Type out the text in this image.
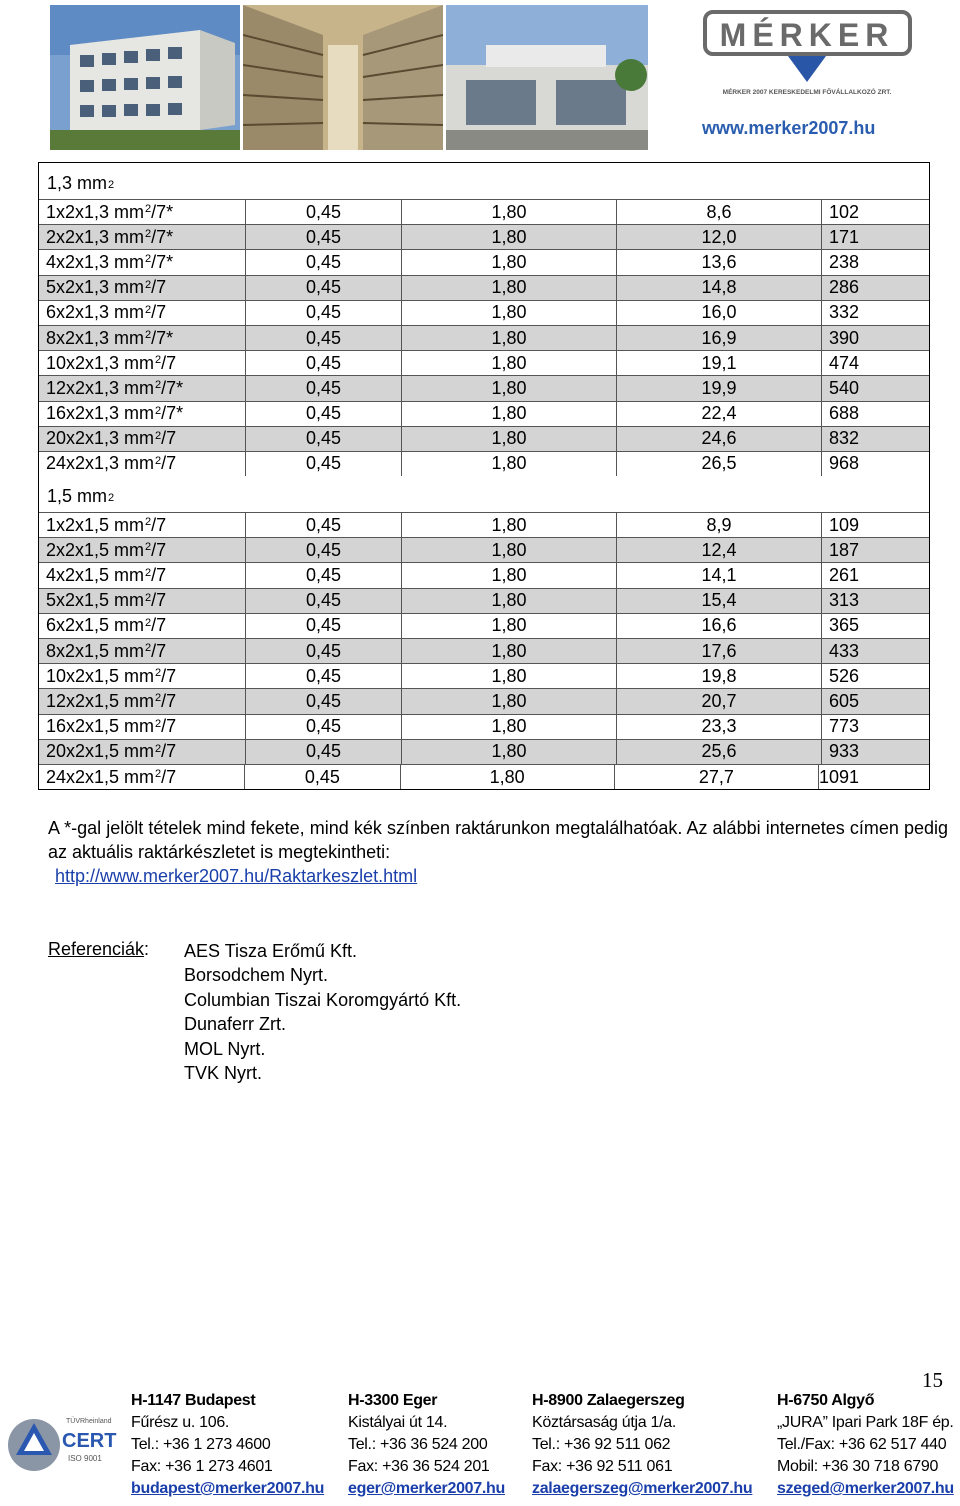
MÉRKER
MÉRKER 2007 KERESKEDELMI FŐVÁLLALKOZÓ ZRT.
www.merker2007.hu
1,3 $mm^2$
1x2x1,3 $mm^2$ /7*	0,45	1,80	8,6	102
2x2x1,3 $mm^2$ /7*	0,45	1,80	12,0	171
4x2x1,3 $mm^2$ /7*	0,45	1,80	13,6	238
5x2x1,3 $mm^2$ /7	0,45	1,80	14,8	286
6x2x1,3 $mm^2$ /7	0,45	1,80	16,0	332
8x2x1,3 $mm^2$ /7*	0,45	1,80	16,9	390
10x2x1,3 $mm^2$ /7	0,45	1,80	19,1	474
12x2x1,3 $mm^2$ /7*	0,45	1,80	19,9	540
16x2x1,3 $mm^2$ /7*	0,45	1,80	22,4	688
20x2x1,3 $mm^2$ /7	0,45	1,80	24,6	832
24x2x1,3 $mm^2$ /7	0,45	1,80	26,5	968
1,5 $mm^2$
1x2x1,5 $mm^2$ /7	0,45	1,80	8,9	109
2x2x1,5 $mm^2$ /7	0,45	1,80	12,4	187
4x2x1,5 $mm^2$ /7	0,45	1,80	14,1	261
5x2x1,5 $mm^2$ /7	0,45	1,80	15,4	313
6x2x1,5 $mm^2$ /7	0,45	1,80	16,6	365
8x2x1,5 $mm^2$ /7	0,45	1,80	17,6	433
10x2x1,5 $mm^2$ /7	0,45	1,80	19,8	526
12x2x1,5 $mm^2$ /7	0,45	1,80	20,7	605
16x2x1,5 $mm^2$ /7	0,45	1,80	23,3	773
20x2x1,5 $mm^2$ /7	0,45	1,80	25,6	933
24x2x1,5 $mm^2$ /7	0,45	1,80	27,7	1091
A *-gal jelölt tételek mind fekete, mind kék színben raktárunkon megtalálhatóak. Az alábbi internetes címen pedig az aktuális raktárkészletet is megtekintheti:
http://www.merker2007.hu/Raktarkeszlet.html
Referenciák: AES Tisza Erőmű Kft.
Borsodchem Nyrt.
Columbian Tiszai Koromgyártó Kft.
Dunaferr Zrt.
MOL Nyrt.
TVK Nyrt.
15
TÜVRheinland
CERT
ISO 9001
H-1147 Budapest
Fűrész u. 106.
Tel.: +36 1 273 4600
Fax: +36 1 273 4601
budapest@merker2007.hu
H-3300 Eger
Kistályai út 14.
Tel.: +36 36 524 200
Fax: +36 36 524 201
eger@merker2007.hu
H-8900 Zalaegerszeg
Köztársaság útja 1/a.
Tel.: +36 92 511 062
Fax: +36 92 511 061
zalaegerszeg@merker2007.hu
H-6750 Algyő
„JURA” Ipari Park 18F ép.
Tel./Fax: +36 62 517 440
Mobil: +36 30 718 6790
szeged@merker2007.hu
